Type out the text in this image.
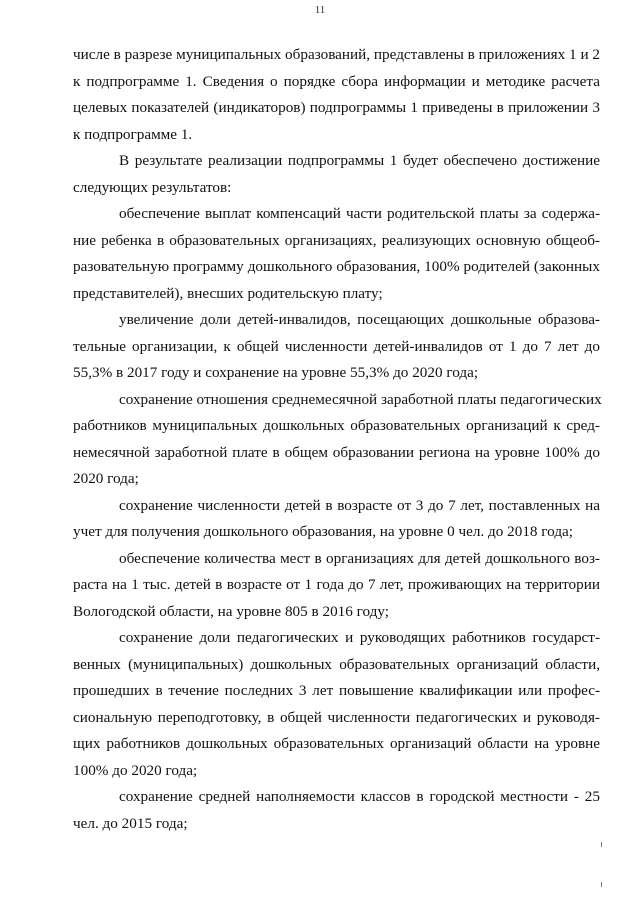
11
числе в разрезе муниципальных образований, представлены в приложениях 1 и 2
к подпрограмме 1. Сведения о порядке сбора информации и методике расчета
целевых показателей (индикаторов) подпрограммы 1 приведены в приложении 3
к подпрограмме 1.
В результате реализации подпрограммы 1 будет обеспечено достижение
следующих результатов:
обеспечение выплат компенсаций части родительской платы за содержа-
ние ребенка в образовательных организациях, реализующих основную общеоб-
разовательную программу дошкольного образования, 100% родителей (законных
представителей), внесших родительскую плату;
увеличение доли детей-инвалидов, посещающих дошкольные образова-
тельные организации, к общей численности детей-инвалидов от 1 до 7 лет до
55,3% в 2017 году и сохранение на уровне 55,3% до 2020 года;
сохранение отношения среднемесячной заработной платы педагогических
работников муниципальных дошкольных образовательных организаций к сред-
немесячной заработной плате в общем образовании региона на уровне 100% до
2020 года;
сохранение численности детей в возрасте от 3 до 7 лет, поставленных на
учет для получения дошкольного образования, на уровне 0 чел. до 2018 года;
обеспечение количества мест в организациях для детей дошкольного воз-
раста на 1 тыс. детей в возрасте от 1 года до 7 лет, проживающих на территории
Вологодской области, на уровне 805 в 2016 году;
сохранение доли педагогических и руководящих работников государст-
венных (муниципальных) дошкольных образовательных организаций области,
прошедших в течение последних 3 лет повышение квалификации или профес-
сиональную переподготовку, в общей численности педагогических и руководя-
щих работников дошкольных образовательных организаций области на уровне
100% до 2020 года;
сохранение средней наполняемости классов в городской местности - 25
чел. до 2015 года;
